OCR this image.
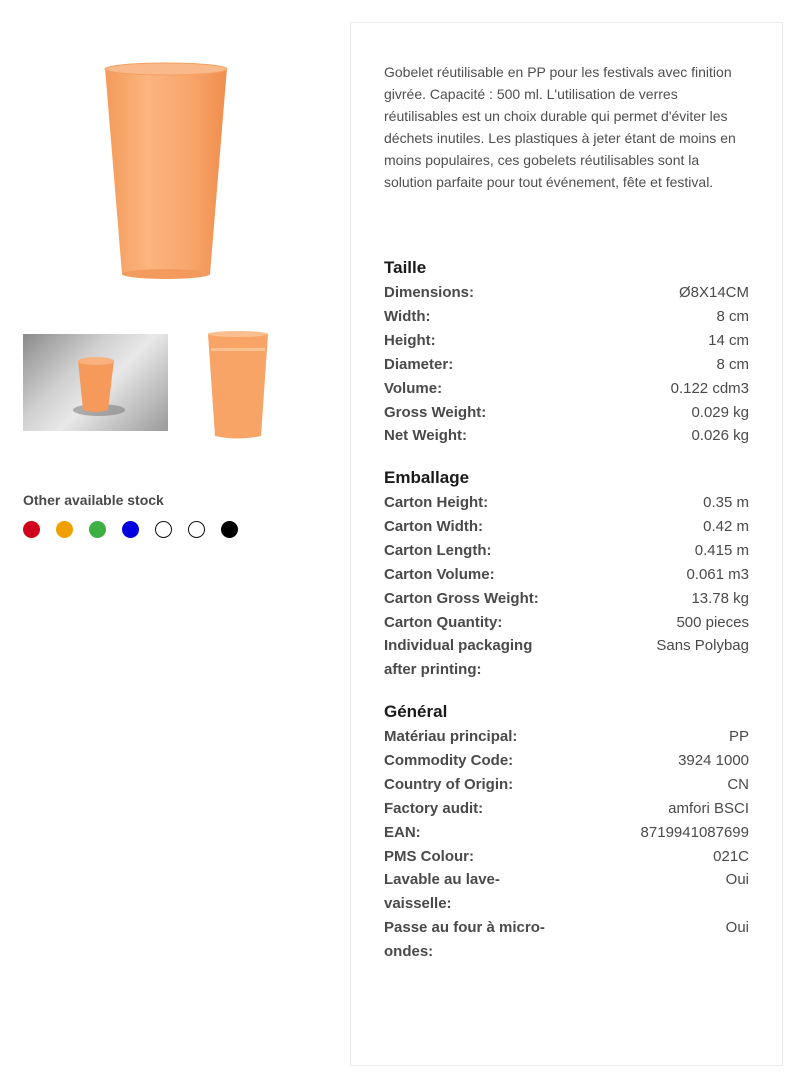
Other available stock

Gobelet réutilisable en PP pour les festivals avec finition givrée. Capacité : 500 ml. L'utilisation de verres réutilisables est un choix durable qui permet d'éviter les déchets inutiles. Les plastiques à jeter étant de moins en moins populaires, ces gobelets réutilisables sont la solution parfaite pour tout événement, fête et festival.

Taille
Dimensions:	Ø8X14CM
Width:	8 cm
Height:	14 cm
Diameter:	8 cm
Volume:	0.122 cdm3
Gross Weight:	0.029 kg
Net Weight:	0.026 kg
Emballage
Carton Height:	0.35 m
Carton Width:	0.42 m
Carton Length:	0.415 m
Carton Volume:	0.061 m3
Carton Gross Weight:	13.78 kg
Carton Quantity:	500 pieces
Individual packaging after printing:
Sans Polybag
Général
Matériau principal:	PP
Commodity Code:	3924 1000
Country of Origin:	CN
Factory audit:	amfori BSCI
EAN:	8719941087699
PMS Colour:	021C
Lavable au lave-vaisselle:
Oui
Passe au four à micro-ondes:
Oui
